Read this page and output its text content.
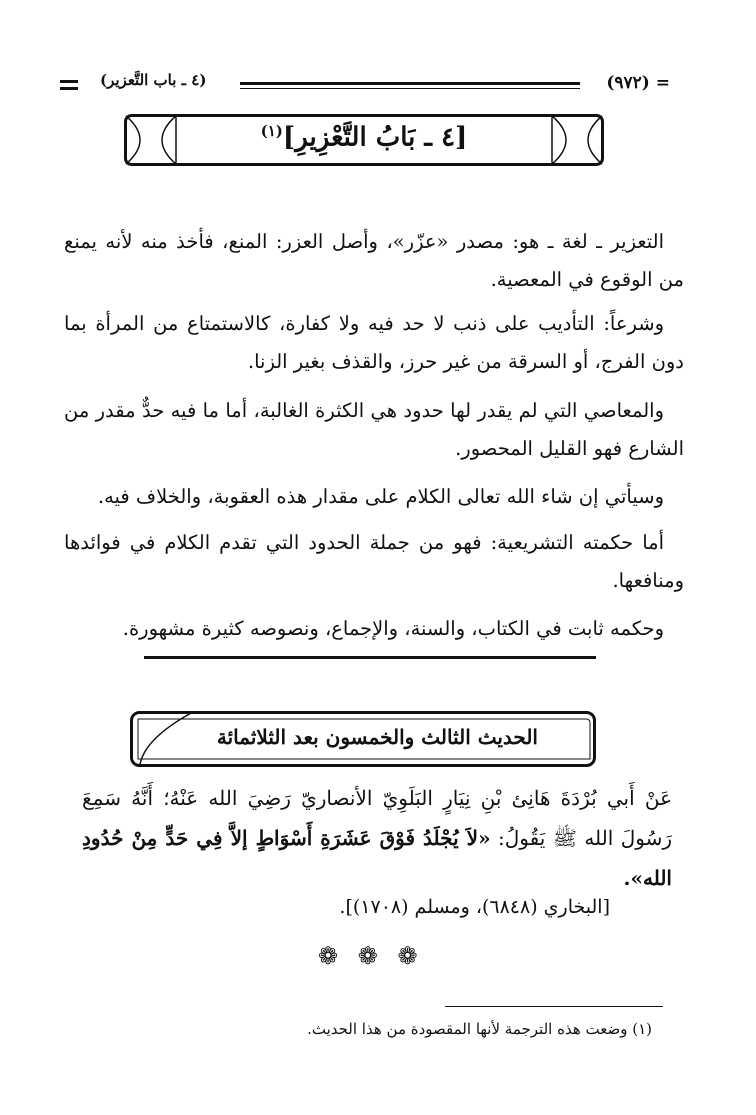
(٤ ـ باب التَّعزير)	= (٩٧٢)
[٤ ـ بَابُ التَّعْزِيرِ]$^{(١)}$

التعزير ـ لغة ـ هو: مصدر «عزّر»، وأصل العزر: المنع، فأخذ منه لأنه يمنع من الوقوع في المعصية.

وشرعاً: التأديب على ذنب لا حد فيه ولا كفارة، كالاستمتاع من المرأة بما دون الفرج، أو السرقة من غير حرز، والقذف بغير الزنا.

والمعاصي التي لم يقدر لها حدود هي الكثرة الغالبة، أما ما فيه حدٌّ مقدر من الشارع فهو القليل المحصور.

وسيأتي إن شاء الله تعالى الكلام على مقدار هذه العقوبة، والخلاف فيه.

أما حكمته التشريعية: فهو من جملة الحدود التي تقدم الكلام في فوائدها ومنافعها.

وحكمه ثابت في الكتاب، والسنة، والإجماع، ونصوصه كثيرة مشهورة.

الحديث الثالث والخمسون بعد الثلاثمائة
عَنْ أَبي بُرْدَةَ هَانِئ بْنِ نِيَارٍ البَلَوِيّ الأنصاريّ رَضِيَ الله عَنْهُ؛ أَنَّهُ سَمِعَ رَسُولَ الله ﷺ يَقُولُ: «لاَ يُجْلَدُ فَوْقَ عَشَرَةِ أَسْوَاطٍ إلاَّ فِي حَدٍّ مِنْ حُدُودِ الله».
[البخاري (٦٨٤٨)، ومسلم (١٧٠٨)].
❁ ❁ ❁
(١) وضعت هذه الترجمة لأنها المقصودة من هذا الحديث.
